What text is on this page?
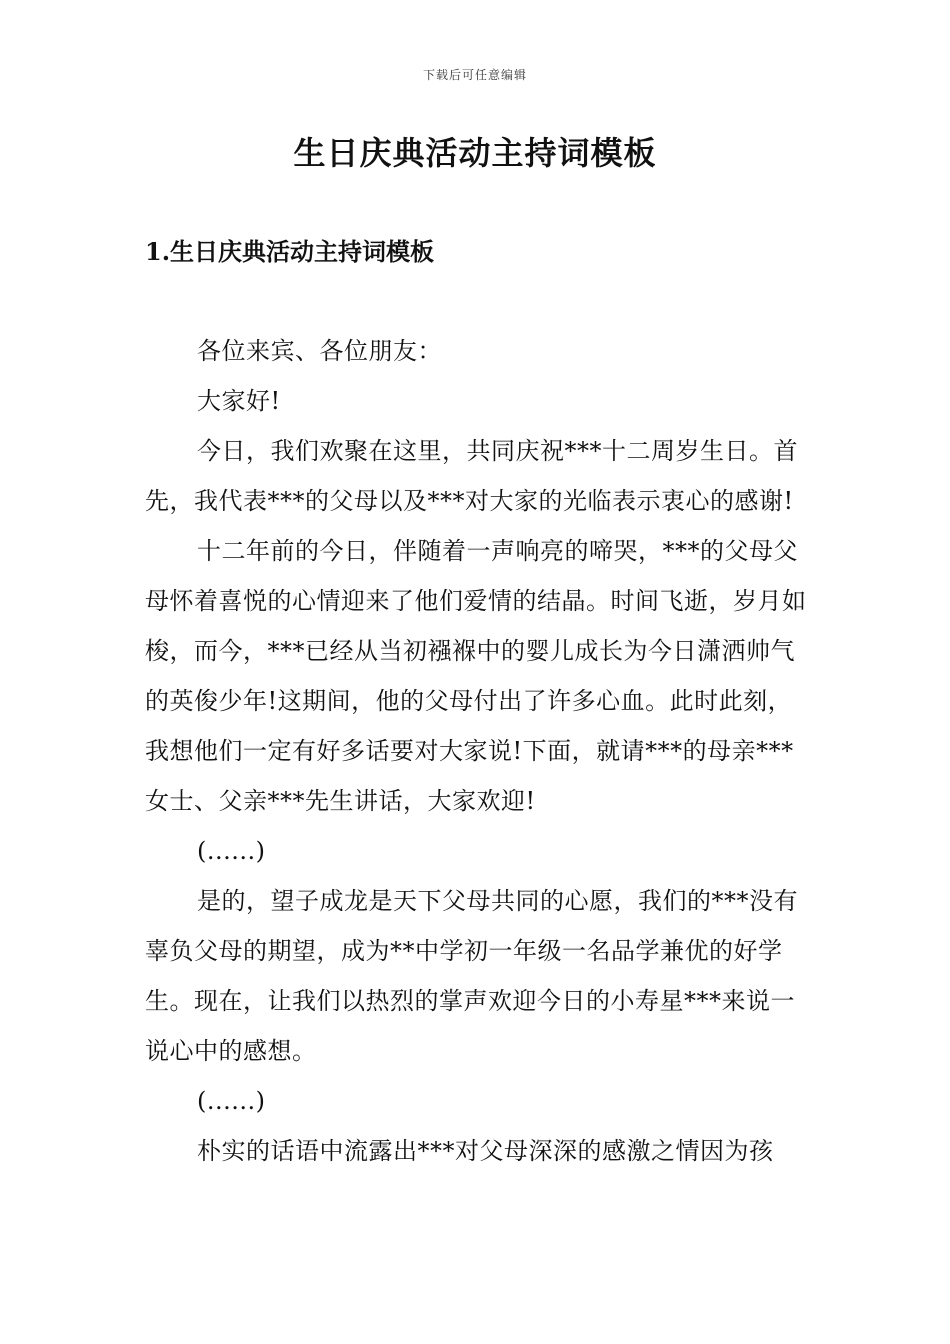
下载后可任意编辑
生日庆典活动主持词模板
1.生日庆典活动主持词模板

各位来宾、各位朋友：

大家好!

今日，我们欢聚在这里，共同庆祝***十二周岁生日。首先，我代表***的父母以及***对大家的光临表示衷心的感谢!

十二年前的今日，伴随着一声响亮的啼哭，***的父母父母怀着喜悦的心情迎来了他们爱情的结晶。时间飞逝，岁月如梭，而今，***已经从当初襁褓中的婴儿成长为今日潇洒帅气的英俊少年!这期间，他的父母付出了许多心血。此时此刻，我想他们一定有好多话要对大家说!下面，就请***的母亲***女士、父亲***先生讲话，大家欢迎!

(......)

是的，望子成龙是天下父母共同的心愿，我们的***没有辜负父母的期望，成为**中学初一年级一名品学兼优的好学生。现在，让我们以热烈的掌声欢迎今日的小寿星***来说一说心中的感想。

(......)

朴实的话语中流露出***对父母深深的感激之情因为孩
